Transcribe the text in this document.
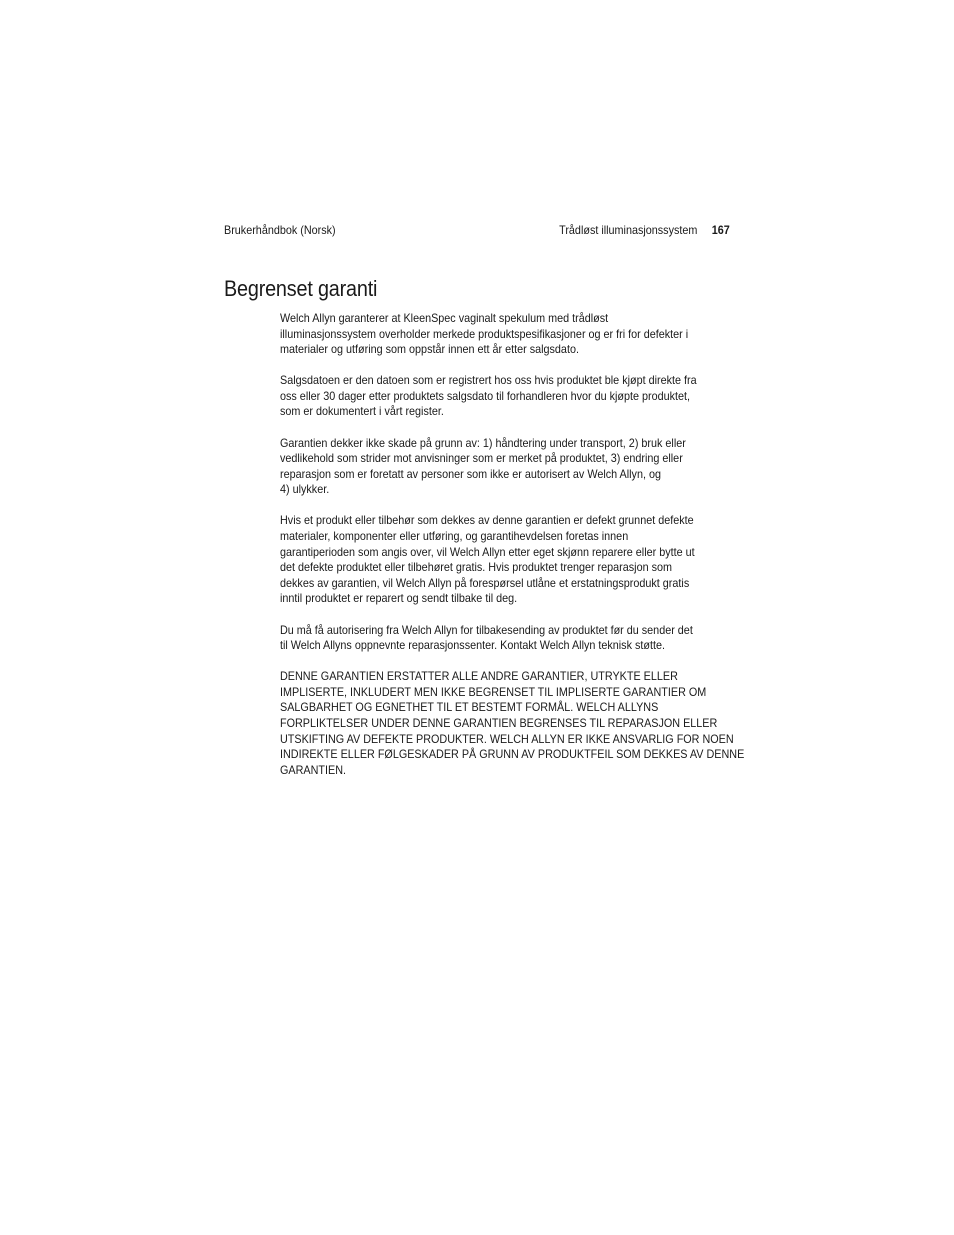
Brukerhåndbok (Norsk)	Trådløst illuminasjonssystem 167
Begrenset garanti

Welch Allyn garanterer at KleenSpec vaginalt spekulum med trådløst
illuminasjonssystem overholder merkede produktspesifikasjoner og er fri for defekter i
materialer og utføring som oppstår innen ett år etter salgsdato.

Salgsdatoen er den datoen som er registrert hos oss hvis produktet ble kjøpt direkte fra
oss eller 30 dager etter produktets salgsdato til forhandleren hvor du kjøpte produktet,
som er dokumentert i vårt register.

Garantien dekker ikke skade på grunn av: 1) håndtering under transport, 2) bruk eller
vedlikehold som strider mot anvisninger som er merket på produktet, 3) endring eller
reparasjon som er foretatt av personer som ikke er autorisert av Welch Allyn, og
4) ulykker.

Hvis et produkt eller tilbehør som dekkes av denne garantien er defekt grunnet defekte
materialer, komponenter eller utføring, og garantihevdelsen foretas innen
garantiperioden som angis over, vil Welch Allyn etter eget skjønn reparere eller bytte ut
det defekte produktet eller tilbehøret gratis. Hvis produktet trenger reparasjon som
dekkes av garantien, vil Welch Allyn på forespørsel utlåne et erstatningsprodukt gratis
inntil produktet er reparert og sendt tilbake til deg.

Du må få autorisering fra Welch Allyn for tilbakesending av produktet før du sender det
til Welch Allyns oppnevnte reparasjonssenter. Kontakt Welch Allyn teknisk støtte.

DENNE GARANTIEN ERSTATTER ALLE ANDRE GARANTIER, UTRYKTE ELLER
IMPLISERTE, INKLUDERT MEN IKKE BEGRENSET TIL IMPLISERTE GARANTIER OM
SALGBARHET OG EGNETHET TIL ET BESTEMT FORMÅL. WELCH ALLYNS
FORPLIKTELSER UNDER DENNE GARANTIEN BEGRENSES TIL REPARASJON ELLER
UTSKIFTING AV DEFEKTE PRODUKTER. WELCH ALLYN ER IKKE ANSVARLIG FOR NOEN
INDIREKTE ELLER FØLGESKADER PÅ GRUNN AV PRODUKTFEIL SOM DEKKES AV DENNE
GARANTIEN.
